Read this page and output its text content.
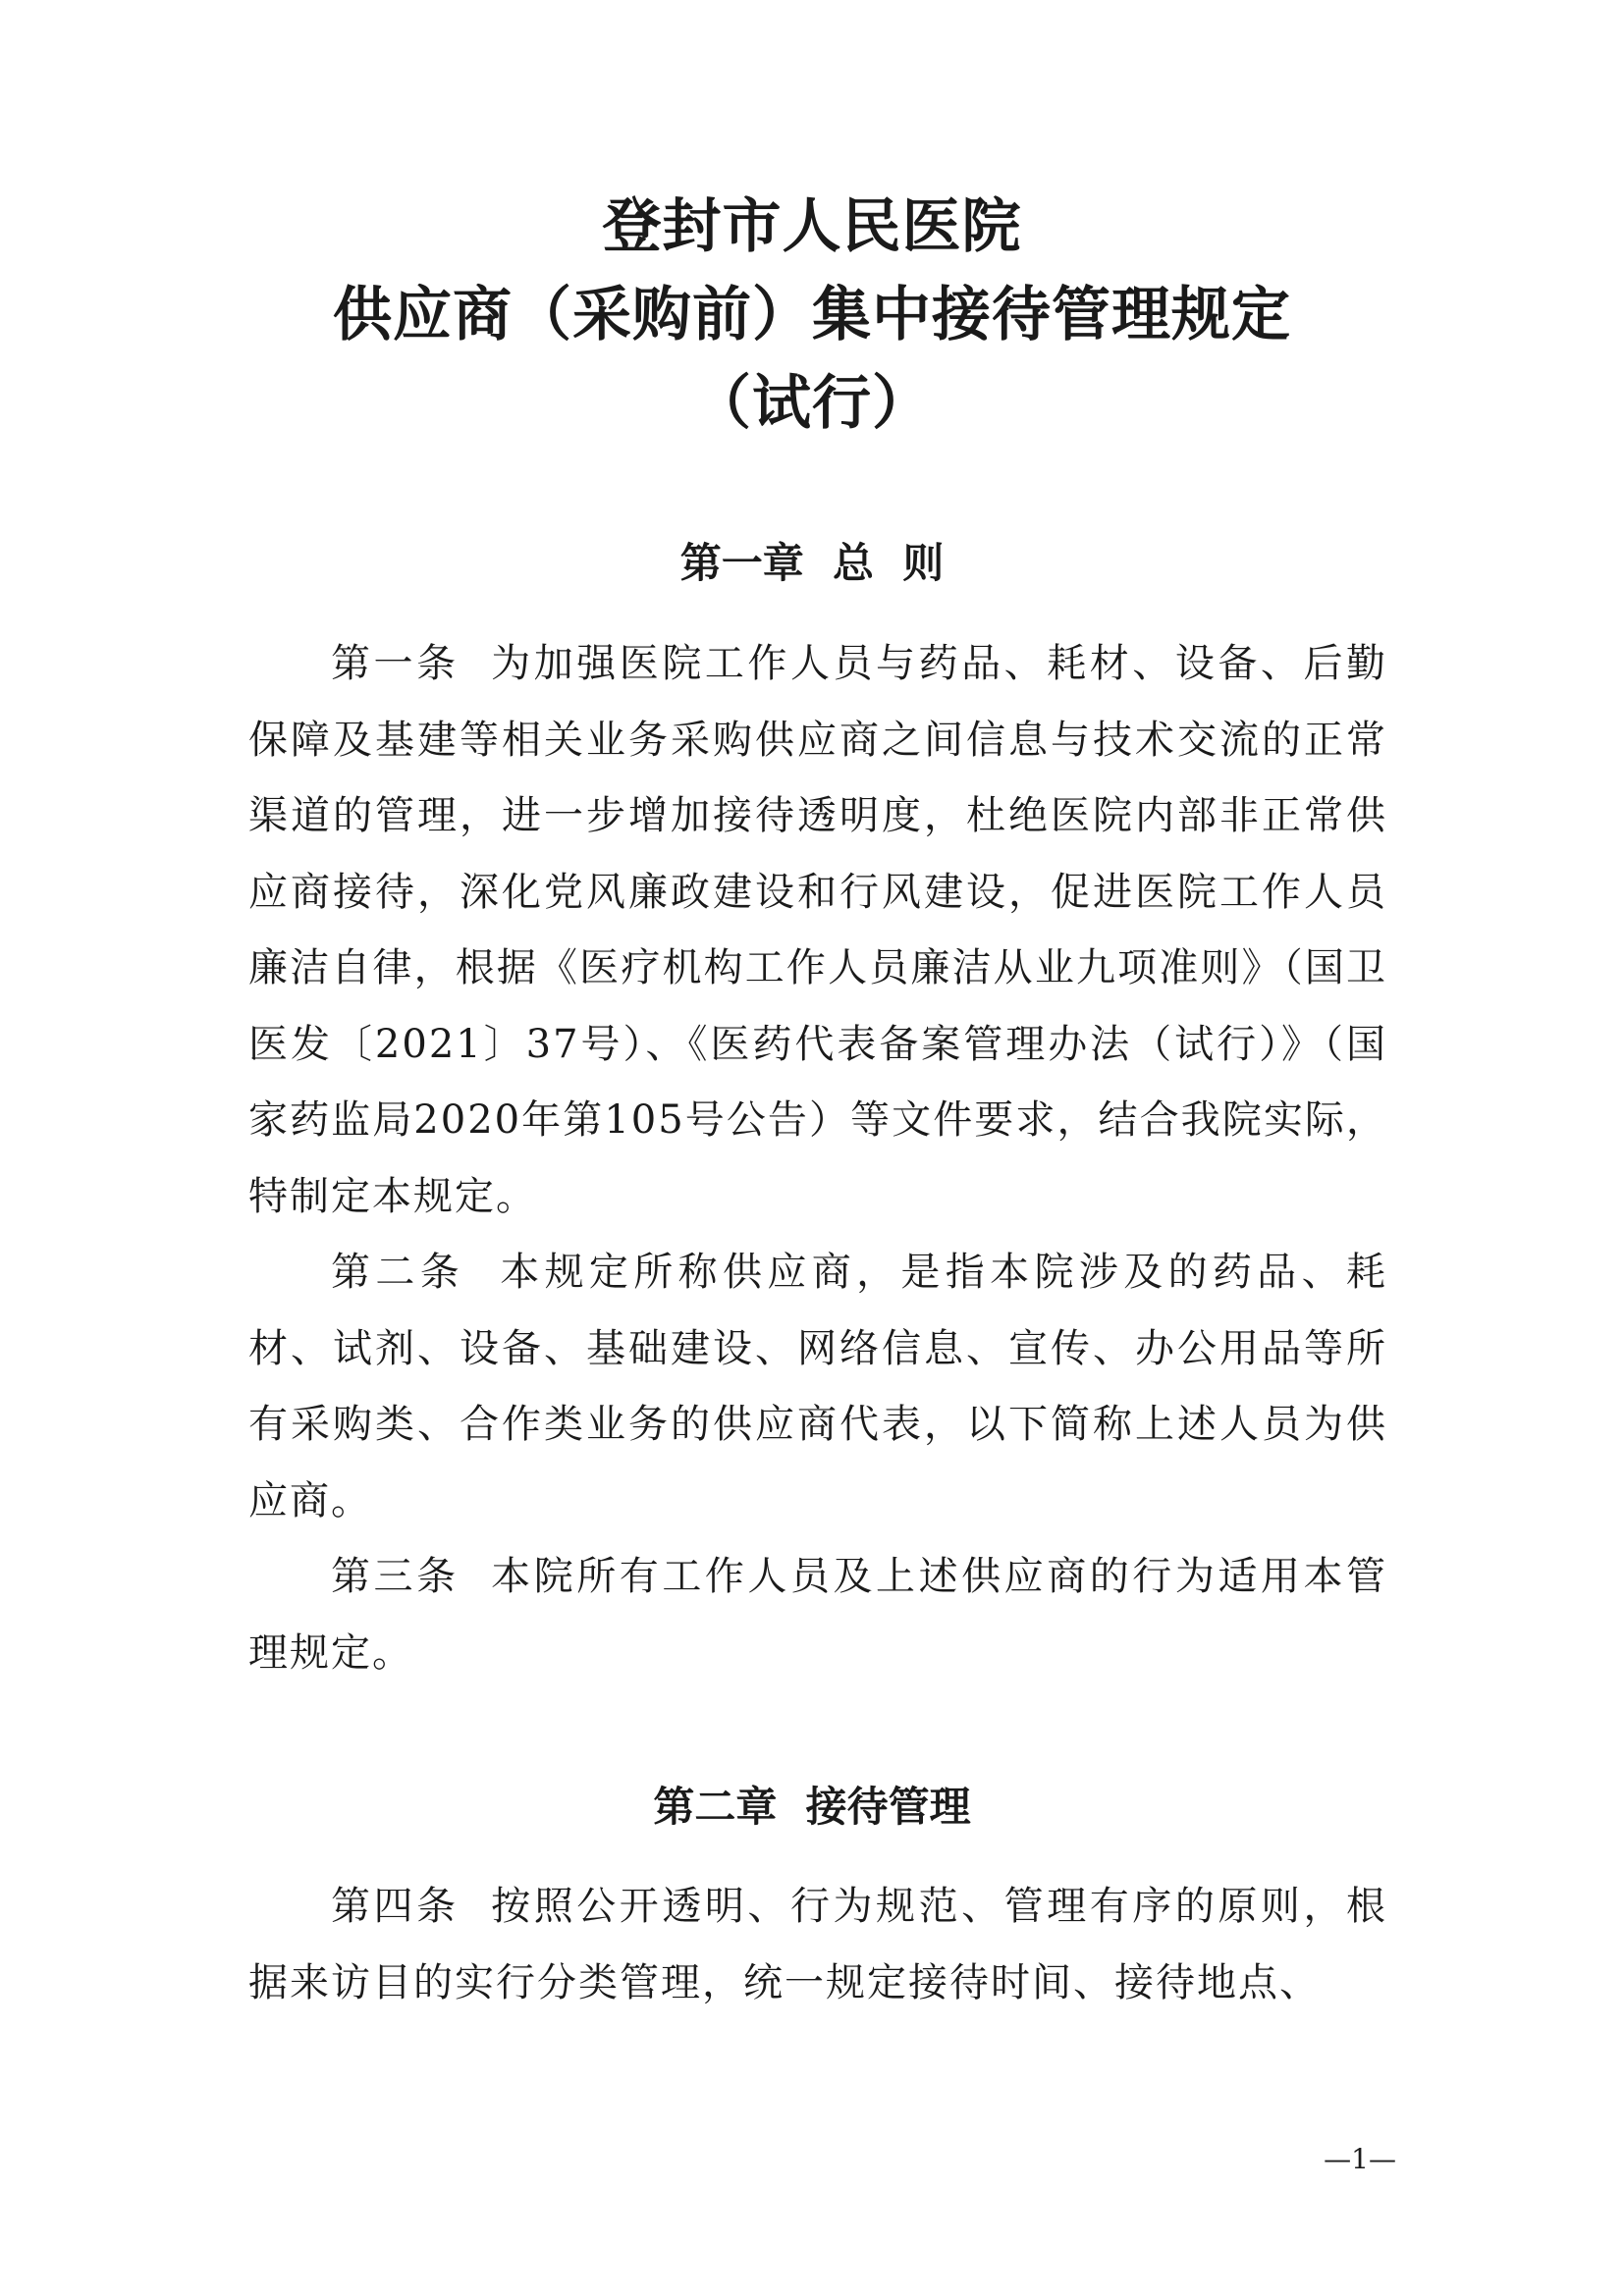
登封市人民医院
供应商（采购前）集中接待管理规定
（试行）
第一章  总  则

第一条  为加强医院工作人员与药品、耗材、设备、后勤保障及基建等相关业务采购供应商之间信息与技术交流的正常渠道的管理，进一步增加接待透明度，杜绝医院内部非正常供应商接待，深化党风廉政建设和行风建设，促进医院工作人员廉洁自律，根据《医疗机构工作人员廉洁从业九项准则》（国卫医发〔2021〕37号）、《医药代表备案管理办法（试行）》（国家药监局2020年第105号公告）等文件要求，结合我院实际，特制定本规定。

第二条  本规定所称供应商，是指本院涉及的药品、耗材、试剂、设备、基础建设、网络信息、宣传、办公用品等所有采购类、合作类业务的供应商代表，以下简称上述人员为供应商。

第三条  本院所有工作人员及上述供应商的行为适用本管理规定。

第二章  接待管理

第四条  按照公开透明、行为规范、管理有序的原则，根据来访目的实行分类管理，统一规定接待时间、接待地点、

—1—
